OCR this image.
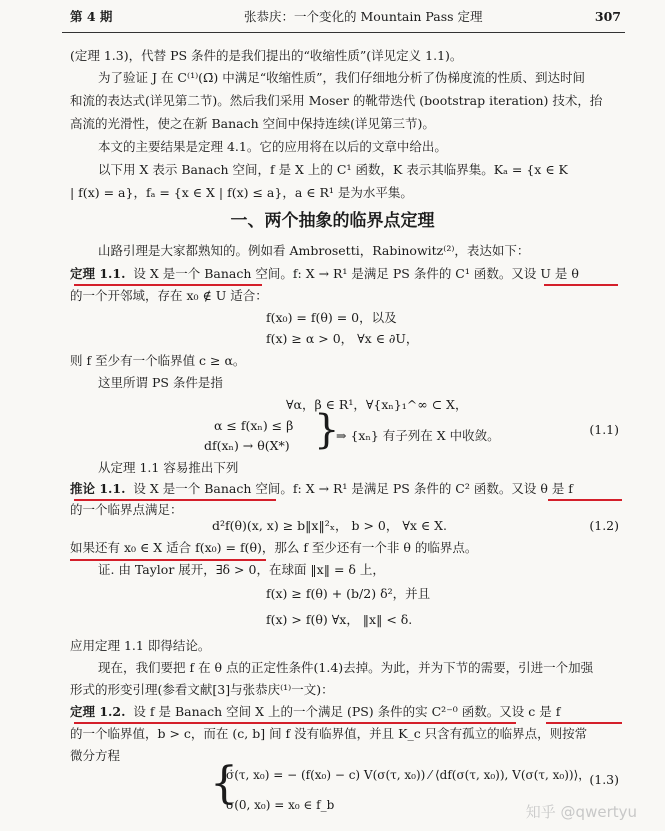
第 4 期	张恭庆：一个变化的 Mountain Pass 定理	307
(定理 1.3)，代替 PS 条件的是我们提出的“收缩性质”(详见定义 1.1)。
为了验证 J 在 C⁽¹⁾(Ω̄) 中满足“收缩性质”，我们仔细地分析了伪梯度流的性质、到达时间
和流的表达式(详见第二节)。然后我们采用 Moser 的靴带迭代 (bootstrap iteration) 技术，抬
高流的光滑性，使之在新 Banach 空间中保持连续(详见第三节)。
本文的主要结果是定理 4.1。它的应用将在以后的文章中给出。
以下用 X 表示 Banach 空间，f 是 X 上的 C¹ 函数，K 表示其临界集。Kₐ = {x ∈ K
| f(x) = a}，fₐ = {x ∈ X | f(x) ≤ a}，a ∈ R¹ 是为水平集。
一、两个抽象的临界点定理
山路引理是大家都熟知的。例如看 Ambrosetti，Rabinowitz⁽²⁾，表达如下：
定理 1.1. 设 X 是一个 Banach 空间。f: X → R¹ 是满足 PS 条件的 C¹ 函数。又设 U 是 θ
的一个开邻域，存在 x₀ ∉ U 适合：
f(x₀) = f(θ) = 0，以及
f(x) ≥ α > 0， ∀x ∈ ∂U，
则 f 至少有一个临界值 c ≥ α。
这里所谓 PS 条件是指
∀α，β ∈ R¹，∀{xₙ}₁^∞ ⊂ X，
α ≤ f(xₙ) ≤ β
df(xₙ) → θ(X*) }
⇒ {xₙ} 有子列在 X 中收敛。	(1.1)
从定理 1.1 容易推出下列
推论 1.1. 设 X 是一个 Banach 空间。f: X → R¹ 是满足 PS 条件的 C² 函数。又设 θ 是 f
的一个临界点满足：
d²f(θ)(x, x) ≥ b‖x‖²ₓ， b > 0， ∀x ∈ X.	(1.2)
如果还有 x₀ ∈ X 适合 f(x₀) = f(θ)，那么 f 至少还有一个非 θ 的临界点。
证. 由 Taylor 展开，∃δ > 0，在球面 ‖x‖ = δ 上，
f(x) ≥ f(θ) + (b/2) δ²，并且
f(x) > f(θ) ∀x， ‖x‖ < δ.
应用定理 1.1 即得结论。
现在，我们要把 f 在 θ 点的正定性条件(1.4)去掉。为此，并为下节的需要，引进一个加强
形式的形变引理(参看文献[3]与张恭庆⁽¹⁾一文)：
定理 1.2. 设 f 是 Banach 空间 X 上的一个满足 (PS) 条件的实 C²⁻⁰ 函数。又设 c 是 f
的一个临界值，b > c，而在 (c, b] 间 f 没有临界值，并且 K_c 只含有孤立的临界点，则按常
微分方程
{
σ̇(τ, x₀) = − (f(x₀) − c) V(σ(τ, x₀)) ⁄ ⟨df(σ(τ, x₀)), V(σ(τ, x₀))⟩，
σ(0, x₀) = x₀ ∈ f_b
(1.3)
知乎 @qwertyu
